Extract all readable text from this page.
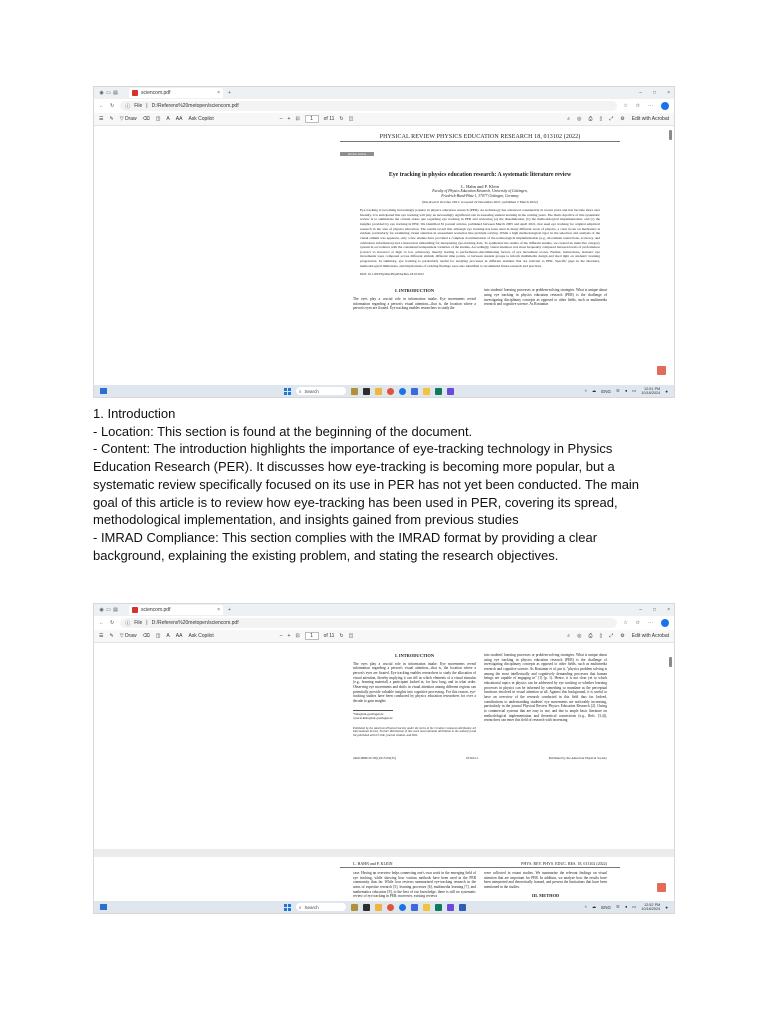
◉ ▭ ▤	sciencom.pdf	× +	– □ ×
← ↻ ⓘ File | D:/Referens%20metopen/sciencom.pdf	☆ ✩ ···
☰ ✎ ▽ Draw ⌫ ◫ A AA Ask Copilot	– + ⊡	1	of 11 ↻ ◫	⌕ ◎ ⎙ ▯ ⤢ ⚙ Edit with Acrobat
PHYSICAL REVIEW PHYSICS EDUCATION RESEARCH 18, 013102 (2022)
Review Article
Eye tracking in physics education research: A systematic literature review
L. Hahn and P. Klein
Faculty of Physics Education Research, University of Göttingen,
Friedrich-Hund-Platz 1, 37077 Göttingen, Germany
(Received 6 October 2021; accepted 22 December 2021; published 2 March 2022)
Eye tracking is becoming increasingly popular in physics education research (PER). As technology has advanced considerably in recent years and has become more user friendly, it is anticipated that eye tracking will play an increasingly significant role in assessing student learning in the coming years. The main objective of this systematic review is to summarize the current status quo regarding eye tracking in PER and reviewing (a) the dissemination, (b) the methodological implementation, and (c) the insights provided by eye tracking in PER. We identified 81 journal articles, published between March 2005 and April 2021, that used eye tracking for original empirical research in the area of physics education. The results reveal that although eye tracking has been used in many different areas of physics, a clear focus on mechanics is evident, particularly for examining visual attention in assessment scenarios like problem solving. While a high methodological rigor in the selection and analysis of the visual stimuli was apparent, only a few studies have provided a complete documentation of the technological implementation (e.g., movement restrictions, accuracy, and calibration information) and a theoretical embedding for interpreting eye-tracking data. To synthesize the results of the different studies, we created an inductive category system in accordance with the considered independent variables of the studies. Accordingly, visual attention was most frequently compared between levels of performance (correct vs incorrect or high vs low achievers), thereby leading to performance-discriminating factors of eye movement scores. Further, instructions, learners' eye movements were compared across different stimuli, different time points, or between student groups to inform multimedia design and shed light on students' learning progression. In summary, eye tracking is particularly useful for studying processes in different domains that are relevant to PER. Specific gaps in the literature, methodological limitations, and implications of existing findings were also identified to recommend future research and practices.
DOI: 10.1103/PhysRevPhysEducRes.18.013102
I. INTRODUCTION
The eyes play a crucial role in information intake. Eye movements reveal information regarding a person's visual attention—that is, the location where a person's eyes are fixated. Eye tracking enables researchers to study the
into students' learning processes or problem-solving strategies. What is unique about using eye tracking in physics education research (PER) is the challenge of investigating disciplinary concepts as opposed to other fields, such as multimedia research and cognitive science. As Rosiantar
⌕ Search	^ ☁ ENG ≋ ◂ ▭	12:51 PM
10/18/2024 ●

1. Introduction

- Location: This section is found at the beginning of the document.

- Content: The introduction highlights the importance of eye-tracking technology in Physics Education Research (PER). It discusses how eye-tracking is becoming more popular, but a systematic review specifically focused on its use in PER has not yet been conducted. The main goal of this article is to review how eye-tracking has been used in PER, covering its spread, methodological implementation, and insights gained from previous studies

- IMRAD Compliance: This section complies with the IMRAD format by providing a clear background, explaining the existing problem, and stating the research objectives.

◉ ▭ ▤	sciencom.pdf	× +	– □ ×
← ↻ ⓘ File | D:/Referens%20metopen/sciencom.pdf	☆ ✩ ···
☰ ✎ ▽ Draw ⌫ ◫ A AA Ask Copilot	– + ⊡	1	of 11 ↻ ◫	⌕ ◎ ⎙ ▯ ⤢ ⚙ Edit with Acrobat
I. INTRODUCTION
The eyes play a crucial role in information intake. Eye movements reveal information regarding a person's visual attention—that is, the location where a person's eyes are fixated. Eye tracking enables researchers to study the allocation of visual attention, thereby implying it can tell us which elements of a visual stimulus (e.g., learning material) a participant looked at, for how long, and in what order. Observing eye movements and shifts in visual attention among different regions can potentially provide valuable insights into cognitive processing. For this reason, eye-tracking studies have been conducted by physics education researchers for over a decade to gain insights
*lahn@uni-goettingen.de
†pascal.klein@uni-goettingen.de
Published by the American Physical Society under the terms of the Creative Commons Attribution 4.0 International license. Further distribution of this work must maintain attribution to the author(s) and the published article's title, journal citation, and DOI.
into students' learning processes or problem-solving strategies. What is unique about using eye tracking in physics education research (PER) is the challenge of investigating disciplinary concepts as opposed to other fields, such as multimedia research and cognitive science. As Rosiantar et al. put it, "physics problem solving is among the most intellectually and cognitively demanding processes that human beings are capable of engaging in" [1] (p. 1). Hence, it is not clear yet to which educational topics in physics can be addressed by eye tracking or whether learning processes in physics can be informed by something so mundane as the perceptual functions involved in visual attention at all. Against this background, it is useful to have an overview of the research conducted in this field thus far. Indeed, contributions to understanding students' eye movements are noticeably increasing, particularly in the journal Physical Review Physics Education Research [2]. Owing to commercial systems that are easy to use, and due to ample basic literature on methodological implementation and theoretical connections (e.g., Refs. [3,4]), researchers can enter this field of research with increasing
2469-9896/22/18(1)/013102(35)	013102-1	Published by the American Physical Society
L. HAHN and P. KLEIN	PHYS. REV. PHYS. EDUC. RES. 18, 013102 (2022)
case. Having an overview helps connecting one's own work in the emerging field of eye tracking, while showing how various methods have been used in the PER community thus far. While four reviews summarized eye-tracking research in the areas of expertise research [5], learning processes [6], multimedia learning [7], and mathematics education [8], to the best of our knowledge, there is still no systematic review of eye tracking in PER; moreover, existing reviews
were collected in extant studies. We summarize the relevant findings on visual attention that are important for PER. In addition, we analyze how the results have been interpreted and theoretically framed, and present the limitations that have been mentioned in the studies.
III. METHOD
⌕ Search	^ ☁ ENG ≋ ◂ ▭	12:52 PM
10/18/2024 ●
